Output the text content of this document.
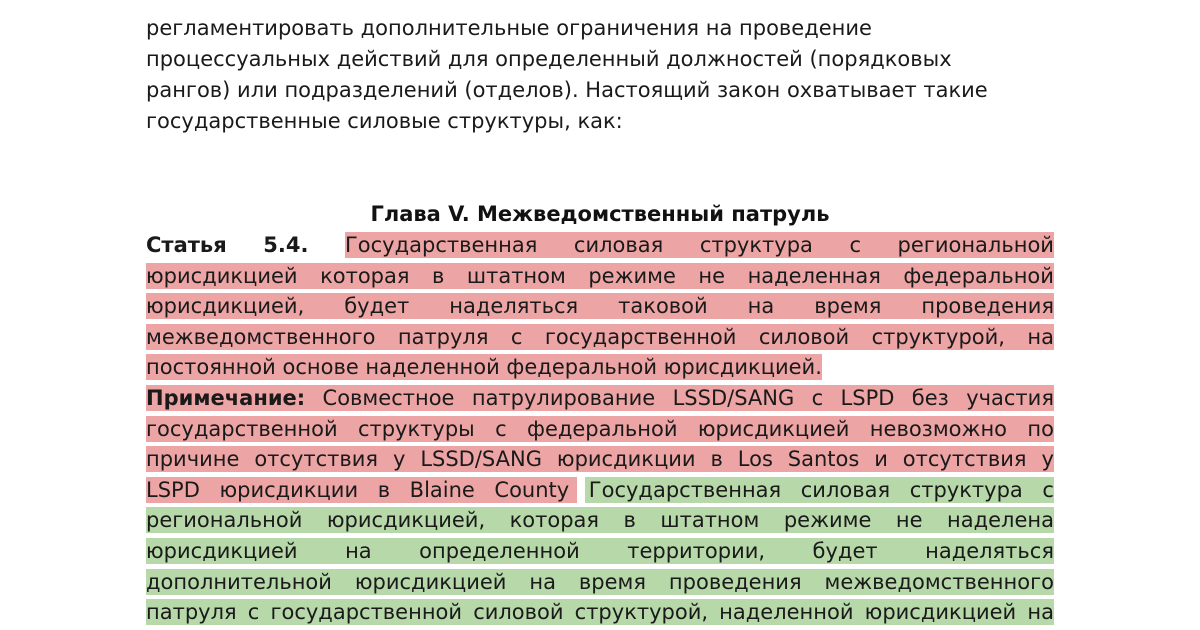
регламентировать дополнительные ограничения на проведение
процессуальных действий для определенный должностей (порядковых
рангов) или подразделений (отделов). Настоящий закон охватывает такие
государственные силовые структуры, как:
Глава V. Межведомственный патруль
Статья 5.4. Государственная силовая структура с региональной
юрисдикцией которая в штатном режиме не наделенная федеральной
юрисдикцией, будет наделяться таковой на время проведения
межведомственного патруля с государственной силовой структурой, на
постоянной основе наделенной федеральной юрисдикцией.
Примечание: Совместное патрулирование LSSD/SANG с LSPD без участия
государственной структуры с федеральной юрисдикцией невозможно по
причине отсутствия у LSSD/SANG юрисдикции в Los Santos и отсутствия у
LSPD юрисдикции в Blaine County Государственная силовая структура с
региональной юрисдикцией, которая в штатном режиме не наделена
юрисдикцией на определенной территории, будет наделяться
дополнительной юрисдикцией на время проведения межведомственного
патруля с государственной силовой структурой, наделенной юрисдикцией на
